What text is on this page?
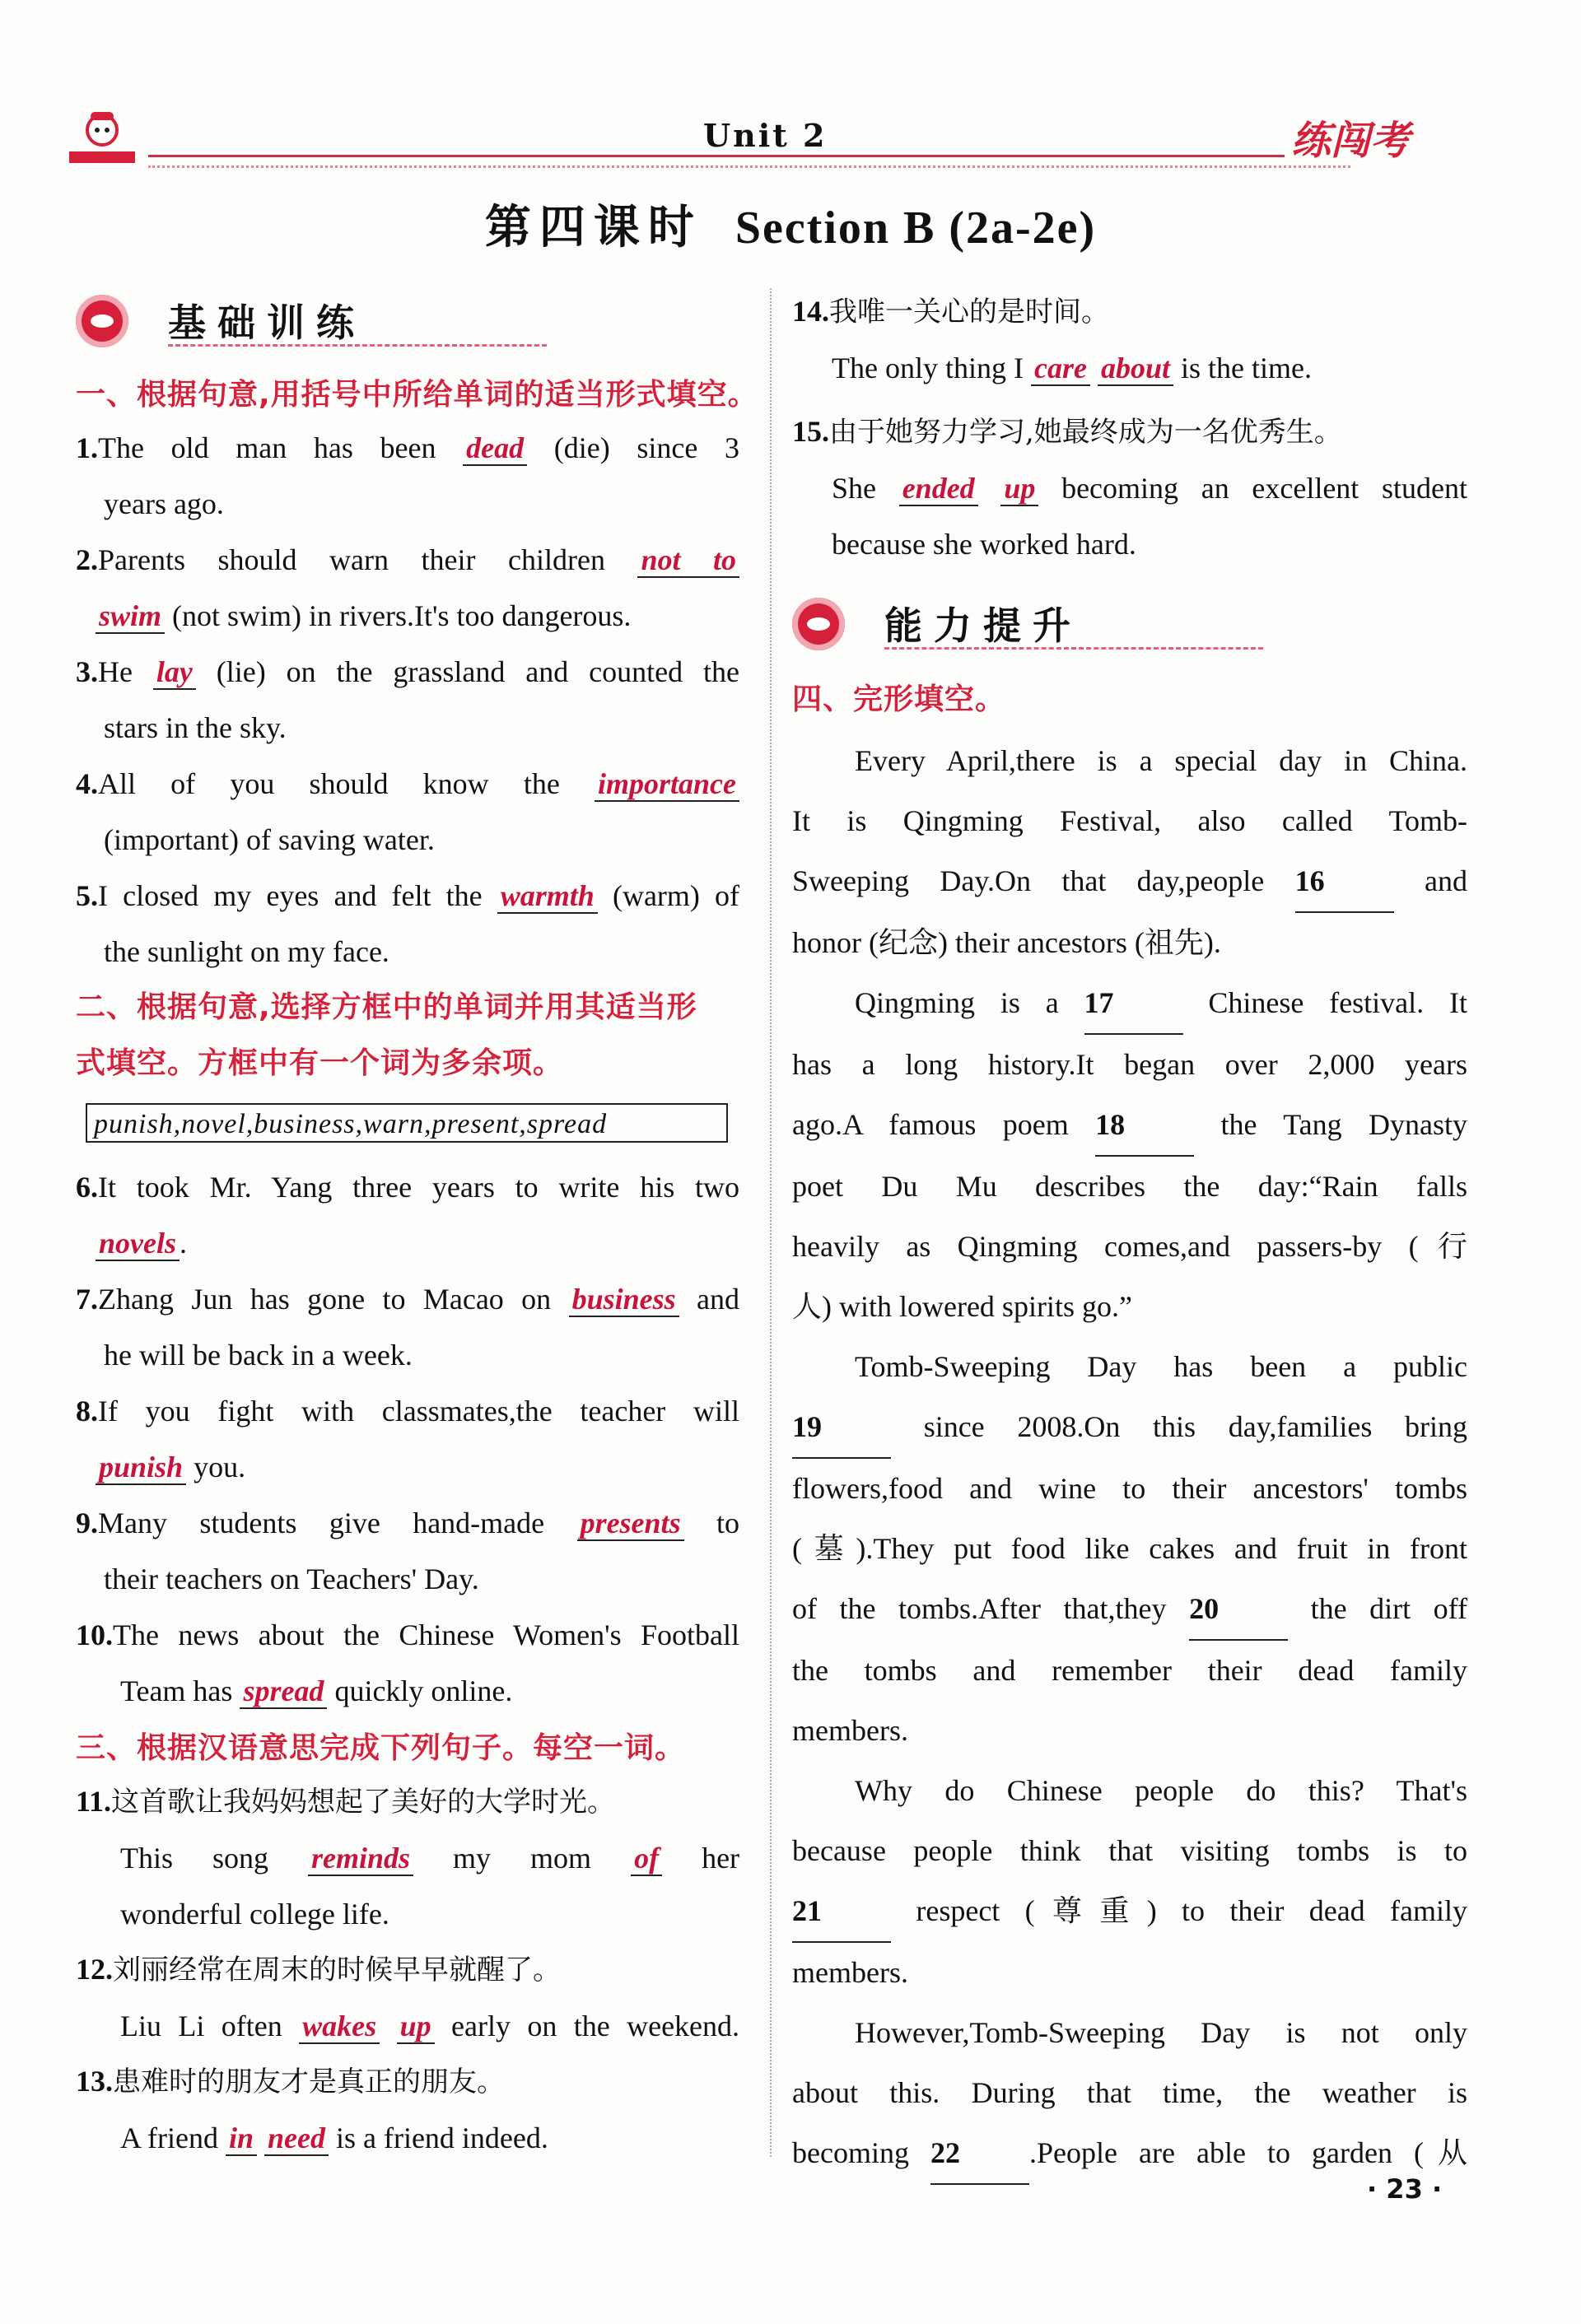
Unit 2	练闯考
第四课时 Section B (2a-2e)
基础训练
一、根据句意,用括号中所给单词的适当形式填空。
1.The old man has been dead (die) since 3
years ago.
2.Parents should warn their children not to
swim (not swim) in rivers.It's too dangerous.
3.He lay (lie) on the grassland and counted the
stars in the sky.
4.All of you should know the importance
(important) of saving water.
5.I closed my eyes and felt the warmth (warm) of
the sunlight on my face.
二、根据句意,选择方框中的单词并用其适当形
式填空。方框中有一个词为多余项。
punish,novel,business,warn,present,spread
6.It took Mr. Yang three years to write his two
novels .
7.Zhang Jun has gone to Macao on business and
he will be back in a week.
8.If you fight with classmates,the teacher will
punish you.
9.Many students give hand-made presents to
their teachers on Teachers' Day.
10.The news about the Chinese Women's Football
Team has spread quickly online.
三、根据汉语意思完成下列句子。每空一词。
11.这首歌让我妈妈想起了美好的大学时光。
This song reminds my mom of her
wonderful college life.
12.刘丽经常在周末的时候早早就醒了。
Liu Li often wakes up early on the weekend.
13.患难时的朋友才是真正的朋友。
A friend in need is a friend indeed.
14.我唯一关心的是时间。
The only thing I care about is the time.
15.由于她努力学习,她最终成为一名优秀生。
She ended up becoming an excellent student
because she worked hard.
能力提升
四、完形填空。
Every April,there is a special day in China.
It is Qingming Festival, also called Tomb-
Sweeping Day.On that day,people 16	and
honor (纪念) their ancestors (祖先).
Qingming is a 17	Chinese festival. It
has a long history.It began over 2,000 years
ago.A famous poem 18	the Tang Dynasty
poet Du Mu describes the day:“Rain falls
heavily as Qingming comes,and passers-by (行
人) with lowered spirits go.”
Tomb-Sweeping Day has been a public
19	since 2008.On this day,families bring
flowers,food and wine to their ancestors' tombs
(墓).They put food like cakes and fruit in front
of the tombs.After that,they 20	the dirt off
the tombs and remember their dead family
members.
Why do Chinese people do this? That's
because people think that visiting tombs is to
21	respect (尊重) to their dead family
members.
However,Tomb-Sweeping Day is not only
about this. During that time, the weather is
becoming 22 .People are able to garden (从
· 23 ·
